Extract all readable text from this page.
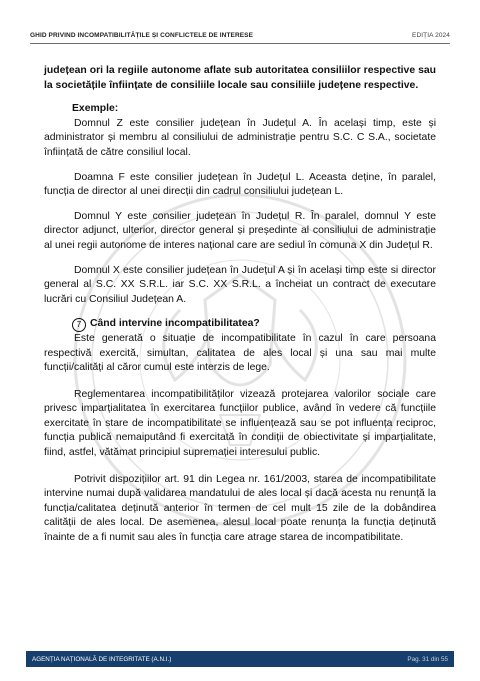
GHID PRIVIND INCOMPATIBILITĂȚILE ȘI CONFLICTELE DE INTERESE	EDIȚIA 2024

județean ori la regiile autonome aflate sub autoritatea consiliilor respective sau la societățile înființate de consiliile locale sau consiliile județene respective.

Exemple:

Domnul Z este consilier județean în Județul A. În același timp, este și administrator și membru al consiliului de administrație pentru S.C. C S.A., societate înființată de către consiliul local.

Doamna F este consilier județean în Județul L. Aceasta deține, în paralel, funcția de director al unei direcții din cadrul consiliului județean L.

Domnul Y este consilier județean în Județul R. În paralel, domnul Y este director adjunct, ulterior, director general și președinte al consiliului de administrație al unei regii autonome de interes național care are sediul în comuna X din Județul R.

Domnul X este consilier județean în Județul A și în același timp este si director general al S.C. XX S.R.L. iar S.C. XX S.R.L. a încheiat un contract de executare lucrări cu Consiliul Județean A.

7 Când intervine incompatibilitatea?

Este generată o situație de incompatibilitate în cazul în care persoana respectivă exercită, simultan, calitatea de ales local și una sau mai multe funcții/calități al căror cumul este interzis de lege.

Reglementarea incompatibilităților vizează protejarea valorilor sociale care privesc imparțialitatea în exercitarea funcțiilor publice, având în vedere că funcțiile exercitate în stare de incompatibilitate se influențează sau se pot influența reciproc, funcția publică nemaiputând fi exercitată în condiții de obiectivitate și imparțialitate, fiind, astfel, vătămat principiul supremației interesului public.

Potrivit dispozițiilor art. 91 din Legea nr. 161/2003, starea de incompatibilitate intervine numai după validarea mandatului de ales local și dacă acesta nu renunță la funcția/calitatea deținută anterior în termen de cel mult 15 zile de la dobândirea calității de ales local. De asemenea, alesul local poate renunța la funcția deținută înainte de a fi numit sau ales în funcția care atrage starea de incompatibilitate.

AGENȚIA NAȚIONALĂ DE INTEGRITATE (A.N.I.)	Pag. 31 din 55
